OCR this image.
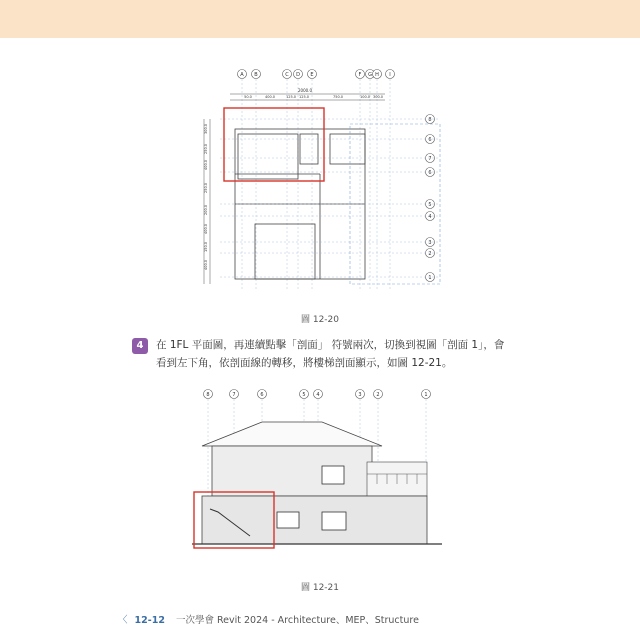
A B	C D E	F G H I
8
6
7
6
5
4
3
2
1
2000.0
50.0	400.0	125.0 125.0	750.0	100.0 300.0
300.0
250.0
400.0
250.0
200.0
400.0
150.0
400.0
圖 12-20
4	在 1FL 平面圖，再連續點擊「剖面」 符號兩次，切換到視圖「剖面 1」，會看到左下角，依剖面線的轉移，將樓梯剖面顯示，如圖 12-21。
8	7	6	5 4	3	2	1
圖 12-21
〈 12-12 一次學會 Revit 2024 - Architecture、MEP、Structure
